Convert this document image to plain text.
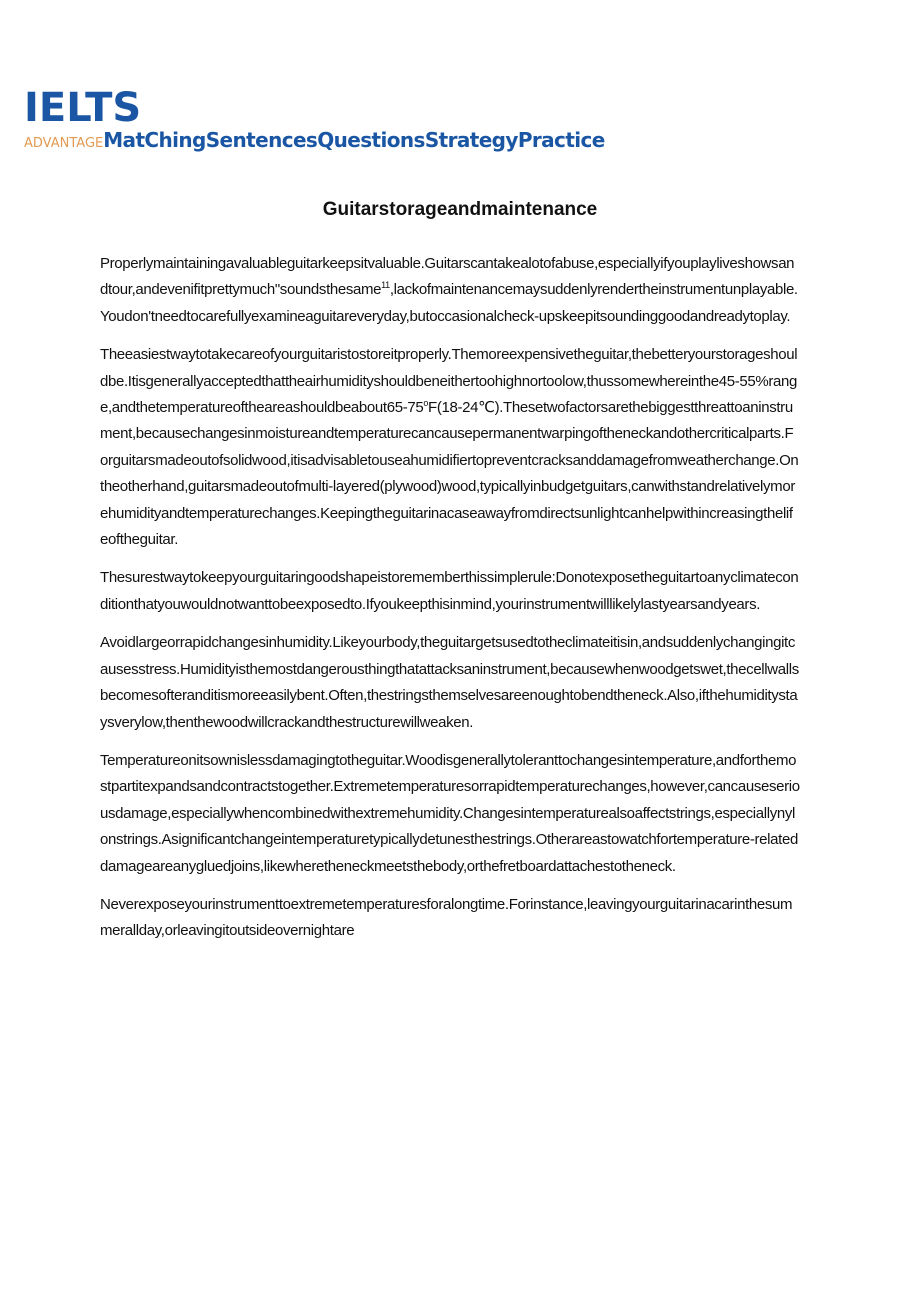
IELTS
ADVANTAGEMatChingSentencesQuestionsStrategyPractice
Guitarstorageandmaintenance

Properlymaintainingavaluableguitarkeepsitvaluable.Guitarscantakealotofabuse,especiallyifyouplayliveshowsandtour,andevenifitprettymuch"soundsthesame$^{11}$,lackofmaintenancemaysuddenlyrendertheinstrumentunplayable.Youdon'tneedtocarefullyexamineaguitareveryday,butoccasionalcheck-upskeepitsoundinggoodandreadytoplay.

Theeasiestwaytotakecareofyourguitaristostoreitproperly.Themoreexpensivetheguitar,thebetteryourstorageshouldbe.Itisgenerallyacceptedthattheairhumidityshouldbeneithertoohighnortoolow,thussomewhereinthe45-55%range,andthetemperatureoftheareashouldbeabout65-75$^o$F(18-24℃).Thesetwofactorsarethebiggestthreattoaninstrument,becausechangesinmoistureandtemperaturecancausepermanentwarpingoftheneckandothercriticalparts.Forguitarsmadeoutofsolidwood,itisadvisabletouseahumidifiertopreventcracksanddamagefromweatherchange.Ontheotherhand,guitarsmadeoutofmulti-layered(plywood)wood,typicallyinbudgetguitars,canwithstandrelativelymorehumidityandtemperaturechanges.Keepingtheguitarinacaseawayfromdirectsunlightcanhelpwithincreasingthelifeoftheguitar.

Thesurestwaytokeepyourguitaringoodshapeistorememberthissimplerule:Donotexposetheguitartoanyclimateconditionthatyouwouldnotwanttobeexposedto.Ifyoukeepthisinmind,yourinstrumentwilllikelylastyearsandyears.

Avoidlargeorrapidchangesinhumidity.Likeyourbody,theguitargetsusedtotheclimateitisin,andsuddenlychangingitcausesstress.Humidityisthemostdangerousthingthatattacksaninstrument,becausewhenwoodgetswet,thecellwallsbecomesofteranditismoreeasilybent.Often,thestringsthemselvesareenoughtobendtheneck.Also,ifthehumiditystaysverylow,thenthewoodwillcrackandthestructurewillweaken.

Temperatureonitsownislessdamagingtotheguitar.Woodisgenerallytoleranttochangesintemperature,andforthemostpartitexpandsandcontractstogether.Extremetemperaturesorrapidtemperaturechanges,however,cancauseseriousdamage,especiallywhencombinedwithextremehumidity.Changesintemperaturealsoaffectstrings,especiallynylonstrings.Asignificantchangeintemperaturetypicallydetunesthestrings.Otherareastowatchfortemperature-relateddamageareanygluedjoins,likewheretheneckmeetsthebody,orthefretboardattachestotheneck.

Neverexposeyourinstrumenttoextremetemperaturesforalongtime.Forinstance,leavingyourguitarinacarinthesummerallday,orleavingitoutsideovernightare
